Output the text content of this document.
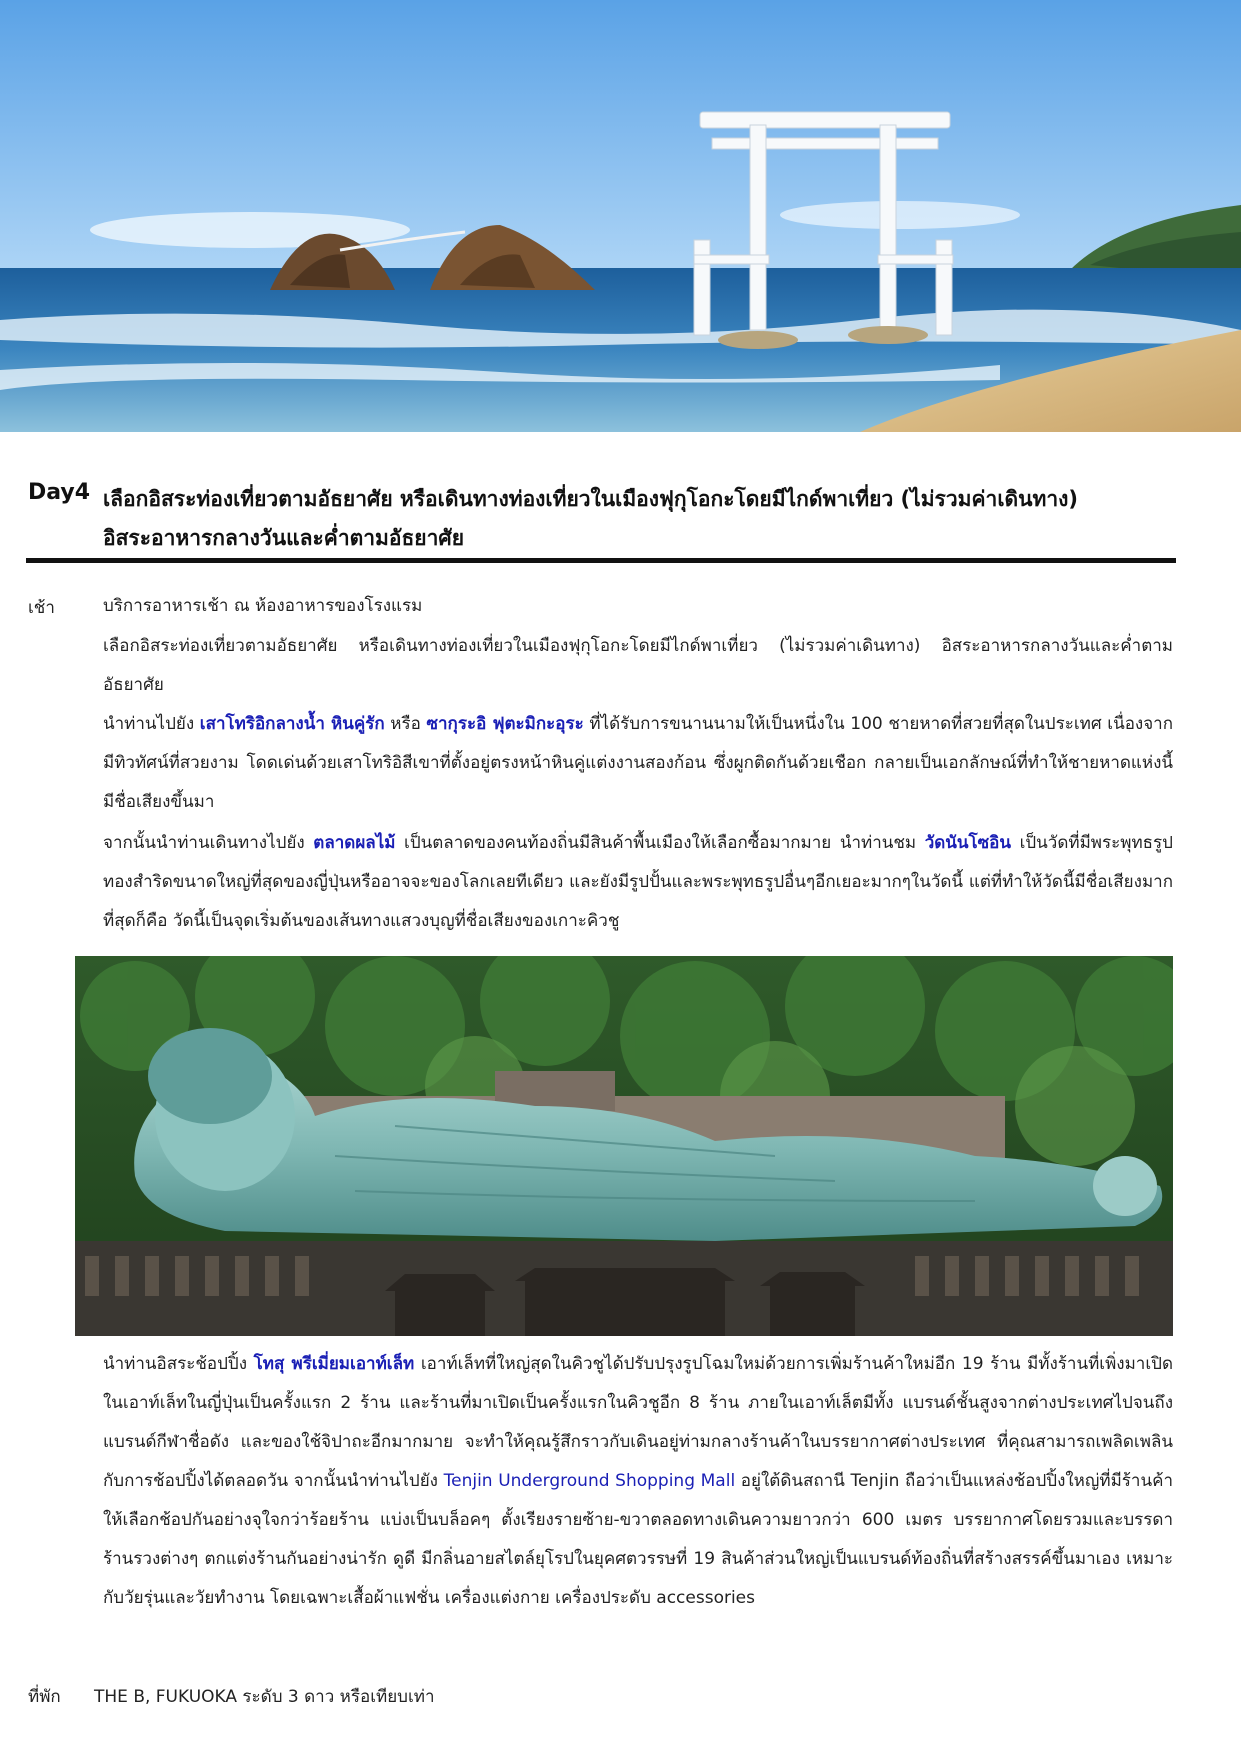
Day4 เลือกอิสระท่องเที่ยวตามอัธยาศัย หรือเดินทางท่องเที่ยวในเมืองฟุกุโอกะโดยมีไกด์พาเที่ยว (ไม่รวมค่าเดินทาง)
อิสระอาหารกลางวันและค่ำตามอัธยาศัย
เช้า	บริการอาหารเช้า ณ ห้องอาหารของโรงแรม

เลือกอิสระท่องเที่ยวตามอัธยาศัย หรือเดินทางท่องเที่ยวในเมืองฟุกุโอกะโดยมีไกด์พาเที่ยว (ไม่รวมค่าเดินทาง) อิสระอาหารกลางวันและค่ำตามอัธยาศัย

นำท่านไปยัง เสาโทริอิกลางน้ำ หินคู่รัก หรือ ซากุระอิ ฟุตะมิกะอุระ ที่ได้รับการขนานนามให้เป็นหนึ่งใน 100 ชายหาดที่สวยที่สุดในประเทศ เนื่องจากมีทิวทัศน์ที่สวยงาม โดดเด่นด้วยเสาโทริอิสีเขาที่ตั้งอยู่ตรงหน้าหินคู่แต่งงานสองก้อน ซึ่งผูกติดกันด้วยเชือก กลายเป็นเอกลักษณ์ที่ทำให้ชายหาดแห่งนี้มีชื่อเสียงขึ้นมา

จากนั้นนำท่านเดินทางไปยัง ตลาดผลไม้ เป็นตลาดของคนท้องถิ่นมีสินค้าพื้นเมืองให้เลือกซื้อมากมาย นำท่านชม วัดนันโซอิน เป็นวัดที่มีพระพุทธรูปทองสำริดขนาดใหญ่ที่สุดของญี่ปุ่นหรืออาจจะของโลกเลยทีเดียว และยังมีรูปปั้นและพระพุทธรูปอื่นๆอีกเยอะมากๆในวัดนี้ แต่ที่ทำให้วัดนี้มีชื่อเสียงมากที่สุดก็คือ วัดนี้เป็นจุดเริ่มต้นของเส้นทางแสวงบุญที่ชื่อเสียงของเกาะคิวชู

นำท่านอิสระช้อปปิ้ง โทสุ พรีเมี่ยมเอาท์เล็ท เอาท์เล็ทที่ใหญ่สุดในคิวชูได้ปรับปรุงรูปโฉมใหม่ด้วยการเพิ่มร้านค้าใหม่อีก 19 ร้าน มีทั้งร้านที่เพิ่งมาเปิดในเอาท์เล็ทในญี่ปุ่นเป็นครั้งแรก 2 ร้าน และร้านที่มาเปิดเป็นครั้งแรกในคิวชูอีก 8 ร้าน ภายในเอาท์เล็ตมีทั้ง แบรนด์ชั้นสูงจากต่างประเทศไปจนถึงแบรนด์กีฬาชื่อดัง และของใช้จิปาถะอีกมากมาย จะทำให้คุณรู้สึกราวกับเดินอยู่ท่ามกลางร้านค้าในบรรยากาศต่างประเทศ ที่คุณสามารถเพลิดเพลินกับการช้อปปิ้งได้ตลอดวัน จากนั้นนำท่านไปยัง Tenjin Underground Shopping Mall อยู่ใต้ดินสถานี Tenjin ถือว่าเป็นแหล่งช้อปปิ้งใหญ่ที่มีร้านค้าให้เลือกช้อปกันอย่างจุใจกว่าร้อยร้าน แบ่งเป็นบล็อคๆ ตั้งเรียงรายซ้าย-ขวาตลอดทางเดินความยาวกว่า 600 เมตร บรรยากาศโดยรวมและบรรดาร้านรวงต่างๆ ตกแต่งร้านกันอย่างน่ารัก ดูดี มีกลิ่นอายสไตล์ยุโรปในยุคศตวรรษที่ 19 สินค้าส่วนใหญ่เป็นแบรนด์ท้องถิ่นที่สร้างสรรค์ขึ้นมาเอง เหมาะกับวัยรุ่นและวัยทำงาน โดยเฉพาะเสื้อผ้าแฟชั่น เครื่องแต่งกาย เครื่องประดับ accessories

ที่พัก THE B, FUKUOKA ระดับ 3 ดาว หรือเทียบเท่า
